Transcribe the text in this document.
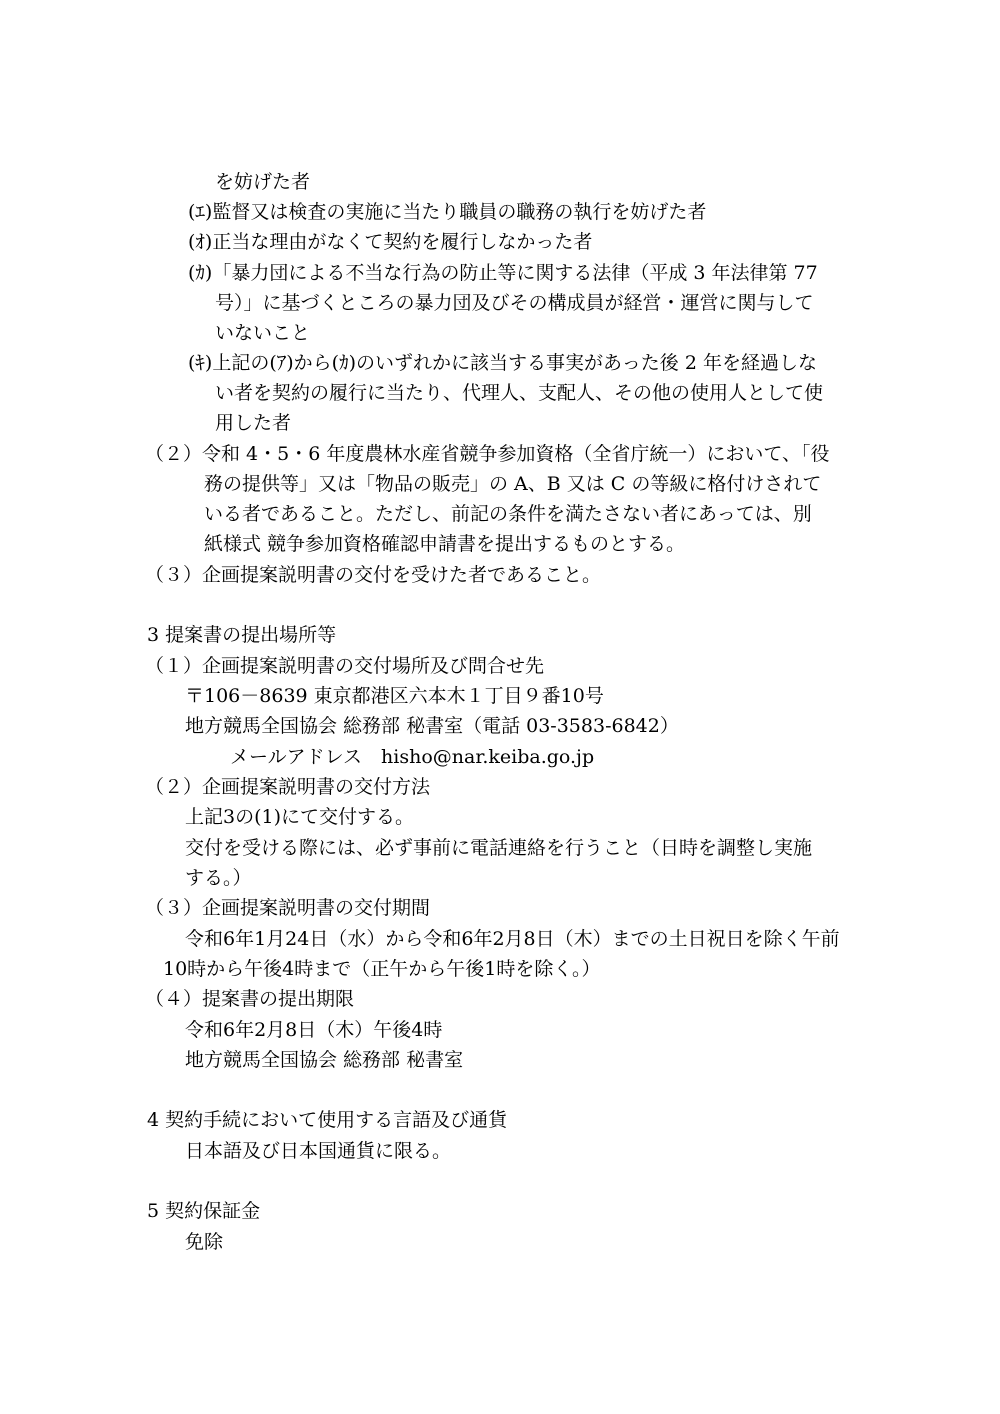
を妨げた者
(ｴ)監督又は検査の実施に当たり職員の職務の執行を妨げた者
(ｵ)正当な理由がなくて契約を履行しなかった者
(ｶ)「暴力団による不当な行為の防止等に関する法律（平成 3 年法律第 77
号）」に基づくところの暴力団及びその構成員が経営・運営に関与して
いないこと
(ｷ)上記の(ｱ)から(ｶ)のいずれかに該当する事実があった後 2 年を経過しな
い者を契約の履行に当たり、代理人、支配人、その他の使用人として使
用した者
（２）令和 4・5・6 年度農林水産省競争参加資格（全省庁統一）において、「役
務の提供等」又は「物品の販売」の A、B 又は C の等級に格付けされて
いる者であること。ただし、前記の条件を満たさない者にあっては、別
紙様式 競争参加資格確認申請書を提出するものとする。
（３）企画提案説明書の交付を受けた者であること。
3 提案書の提出場所等
（１）企画提案説明書の交付場所及び問合せ先
〒106－8639 東京都港区六本木１丁目９番10号
地方競馬全国協会 総務部 秘書室（電話 03-3583-6842）
メールアドレス　hisho@nar.keiba.go.jp
（２）企画提案説明書の交付方法
上記3の(1)にて交付する。
交付を受ける際には、必ず事前に電話連絡を行うこと（日時を調整し実施
する。）
（３）企画提案説明書の交付期間
令和6年1月24日（水）から令和6年2月8日（木）までの土日祝日を除く午前
10時から午後4時まで（正午から午後1時を除く。）
（４）提案書の提出期限
令和6年2月8日（木）午後4時
地方競馬全国協会 総務部 秘書室
4 契約手続において使用する言語及び通貨
日本語及び日本国通貨に限る。
5 契約保証金
免除
